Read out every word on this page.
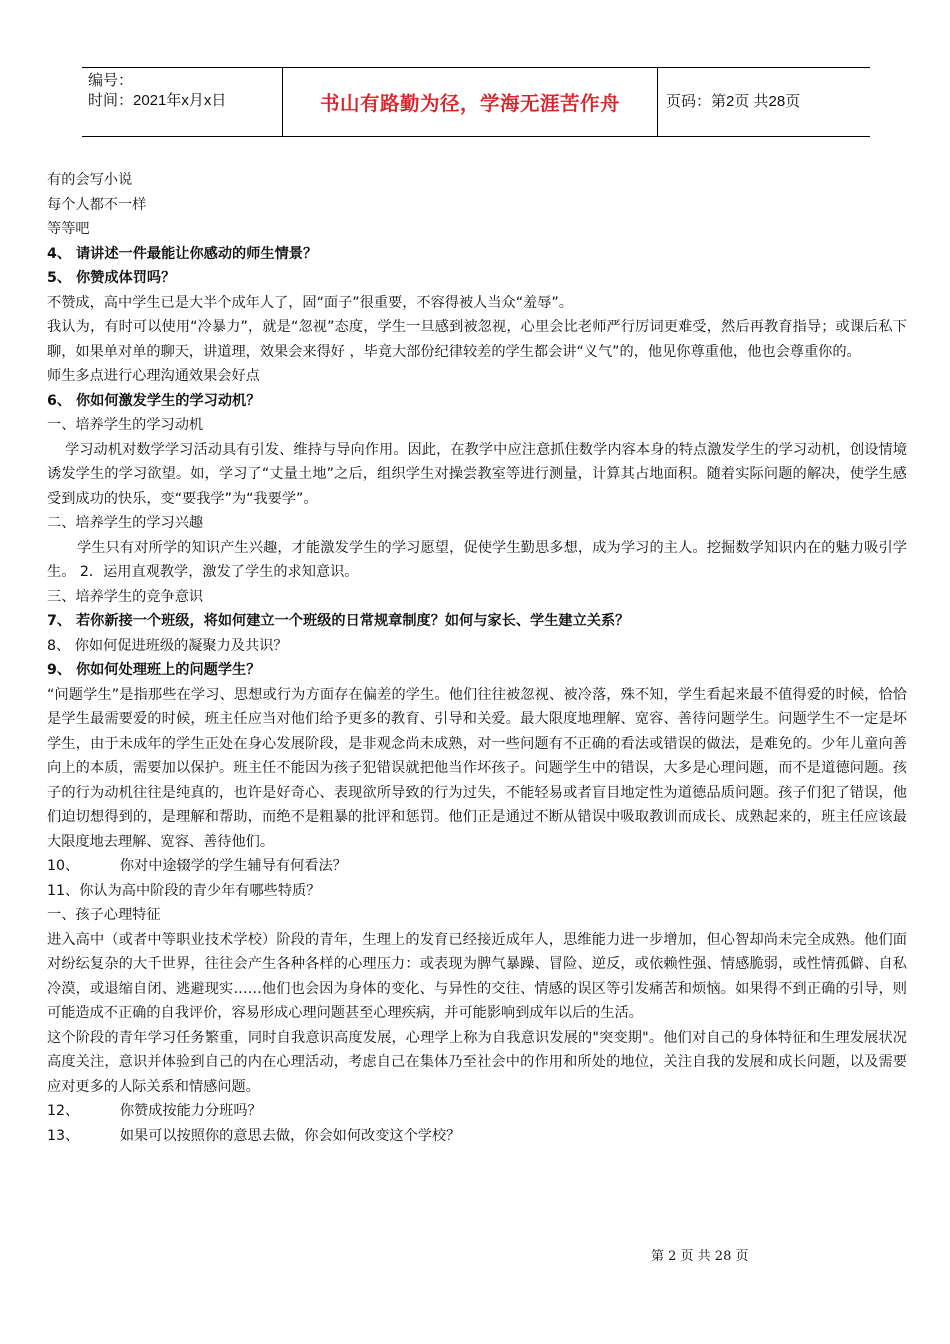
编号：
时间：2021年x月x日	书山有路勤为径，学海无涯苦作舟	页码：第2页 共28页

有的会写小说

每个人都不一样

等等吧

4、 请讲述一件最能让你感动的师生情景？

5、 你赞成体罚吗？

不赞成，高中学生已是大半个成年人了，固“面子”很重要，不容得被人当众“羞辱”。

我认为，有时可以使用“冷暴力”，就是“忽视”态度，学生一旦感到被忽视，心里会比老师严行厉词更难受，然后再教育指导；或课后私下聊，如果单对单的聊天，讲道理，效果会来得好 ，毕竟大部份纪律较差的学生都会讲“义气”的，他见你尊重他，他也会尊重你的。

师生多点进行心理沟通效果会好点

6、 你如何激发学生的学习动机？

一、培养学生的学习动机

学习动机对数学学习活动具有引发、维持与导向作用。因此，在教学中应注意抓住数学内容本身的特点激发学生的学习动机，创设情境诱发学生的学习欲望。如，学习了“丈量土地”之后，组织学生对操尝教室等进行测量，计算其占地面积。随着实际问题的解决，使学生感受到成功的快乐，变“要我学”为“我要学”。

二、培养学生的学习兴趣

学生只有对所学的知识产生兴趣，才能激发学生的学习愿望，促使学生勤思多想，成为学习的主人。挖掘数学知识内在的魅力吸引学生。 2．运用直观教学，激发了学生的求知意识。

三、培养学生的竞争意识

7、 若你新接一个班级，将如何建立一个班级的日常规章制度？如何与家长、学生建立关系？

8、 你如何促进班级的凝聚力及共识？

9、 你如何处理班上的问题学生？

“问题学生”是指那些在学习、思想或行为方面存在偏差的学生。他们往往被忽视、被冷落，殊不知，学生看起来最不值得爱的时候，恰恰是学生最需要爱的时候，班主任应当对他们给予更多的教育、引导和关爱。最大限度地理解、宽容、善待问题学生。问题学生不一定是坏学生，由于未成年的学生正处在身心发展阶段，是非观念尚未成熟，对一些问题有不正确的看法或错误的做法，是难免的。少年儿童向善向上的本质，需要加以保护。班主任不能因为孩子犯错误就把他当作坏孩子。问题学生中的错误，大多是心理问题，而不是道德问题。孩子的行为动机往往是纯真的，也许是好奇心、表现欲所导致的行为过失，不能轻易或者盲目地定性为道德品质问题。孩子们犯了错误，他们迫切想得到的，是理解和帮助，而绝不是粗暴的批评和惩罚。他们正是通过不断从错误中吸取教训而成长、成熟起来的，班主任应该最大限度地去理解、宽容、善待他们。

10、	你对中途辍学的学生辅导有何看法？

11、你认为高中阶段的青少年有哪些特质？

一、孩子心理特征

进入高中（或者中等职业技术学校）阶段的青年，生理上的发育已经接近成年人，思维能力进一步增加，但心智却尚未完全成熟。他们面对纷纭复杂的大千世界，往往会产生各种各样的心理压力：或表现为脾气暴躁、冒险、逆反，或依赖性强、情感脆弱，或性情孤僻、自私冷漠，或退缩自闭、逃避现实……他们也会因为身体的变化、与异性的交往、情感的误区等引发痛苦和烦恼。如果得不到正确的引导，则可能造成不正确的自我评价，容易形成心理问题甚至心理疾病，并可能影响到成年以后的生活。

这个阶段的青年学习任务繁重，同时自我意识高度发展，心理学上称为自我意识发展的"突变期"。他们对自己的身体特征和生理发展状况高度关注，意识并体验到自己的内在心理活动，考虑自己在集体乃至社会中的作用和所处的地位，关注自我的发展和成长问题，以及需要应对更多的人际关系和情感问题。

12、	你赞成按能力分班吗？

13、	如果可以按照你的意思去做，你会如何改变这个学校？

第 2 页 共 28 页
